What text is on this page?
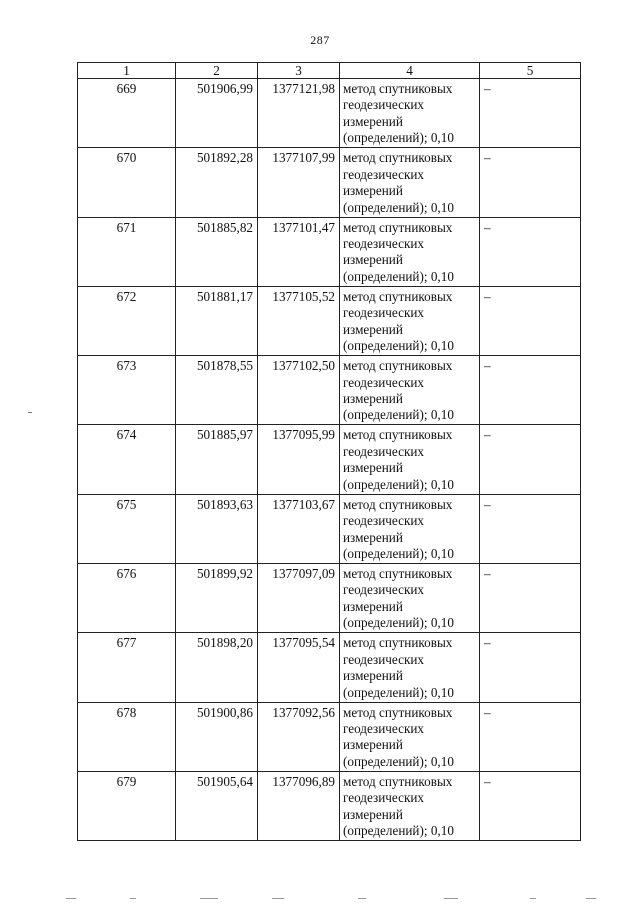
287
1	2	3	4	5
669	501906,99	1377121,98	метод спутниковых
геодезических
измерений
(определений); 0,10	–
670	501892,28	1377107,99	метод спутниковых
геодезических
измерений
(определений); 0,10	–
671	501885,82	1377101,47	метод спутниковых
геодезических
измерений
(определений); 0,10	–
672	501881,17	1377105,52	метод спутниковых
геодезических
измерений
(определений); 0,10	–
673	501878,55	1377102,50	метод спутниковых
геодезических
измерений
(определений); 0,10	–
674	501885,97	1377095,99	метод спутниковых
геодезических
измерений
(определений); 0,10	–
675	501893,63	1377103,67	метод спутниковых
геодезических
измерений
(определений); 0,10	–
676	501899,92	1377097,09	метод спутниковых
геодезических
измерений
(определений); 0,10	–
677	501898,20	1377095,54	метод спутниковых
геодезических
измерений
(определений); 0,10	–
678	501900,86	1377092,56	метод спутниковых
геодезических
измерений
(определений); 0,10	–
679	501905,64	1377096,89	метод спутниковых
геодезических
измерений
(определений); 0,10	–
